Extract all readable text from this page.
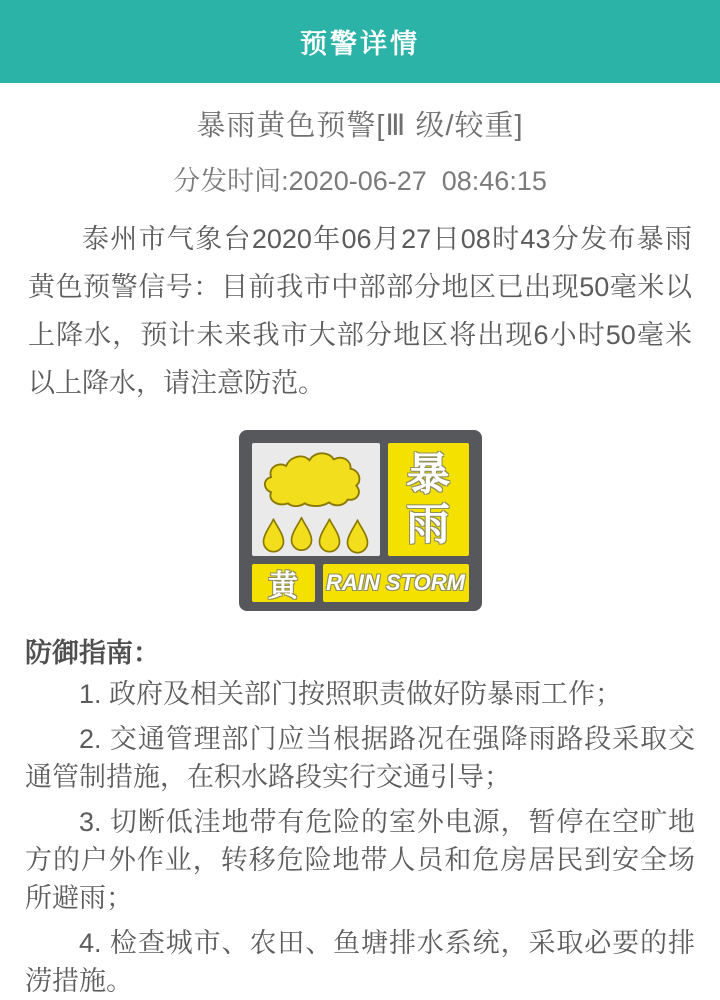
预警详情
暴雨黄色预警[Ⅲ 级/较重]
分发时间:2020-06-27  08:46:15

泰州市气象台2020年06月27日08时43分发布暴雨黄色预警信号：目前我市中部部分地区已出现50毫米以上降水，预计未来我市大部分地区将出现6小时50毫米以上降水，请注意防范。

暴
雨
黄 RAIN STORM
防御指南：

1. 政府及相关部门按照职责做好防暴雨工作；

2. 交通管理部门应当根据路况在强降雨路段采取交通管制措施，在积水路段实行交通引导；

3. 切断低洼地带有危险的室外电源，暂停在空旷地方的户外作业，转移危险地带人员和危房居民到安全场所避雨；

4. 检查城市、农田、鱼塘排水系统，采取必要的排涝措施。
